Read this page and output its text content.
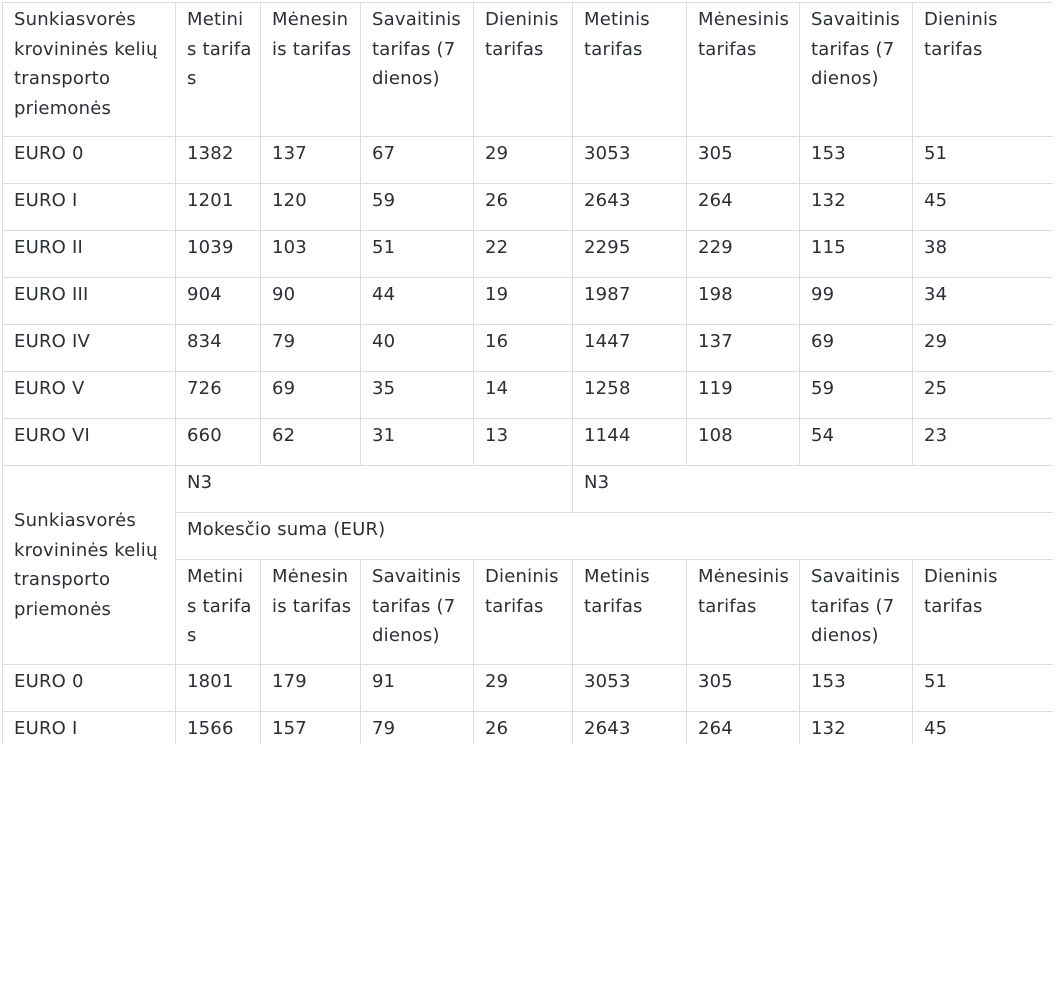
Sunkiasvorės krovininės kelių transporto priemonės	Metinis tarifas	Mėnesinis tarifas	Savaitinis tarifas (7 dienos)	Dieninis tarifas	Metinis tarifas	Mėnesinis tarifas	Savaitinis tarifas (7 dienos)	Dieninis tarifas
EURO 0	1382	137	67	29	3053	305	153	51
EURO I	1201	120	59	26	2643	264	132	45
EURO II	1039	103	51	22	2295	229	115	38
EURO III	904	90	44	19	1987	198	99	34
EURO IV	834	79	40	16	1447	137	69	29
EURO V	726	69	35	14	1258	119	59	25
EURO VI	660	62	31	13	1144	108	54	23
Sunkiasvorės krovininės kelių transporto priemonės	N3				N3			
	Mokesčio suma (EUR)							
	Metinis tarifas	Mėnesinis tarifas	Savaitinis tarifas (7 dienos)	Dieninis tarifas	Metinis tarifas	Mėnesinis tarifas	Savaitinis tarifas (7 dienos)	Dieninis tarifas
EURO 0	1801	179	91	29	3053	305	153	51
EURO I	1566	157	79	26	2643	264	132	45
